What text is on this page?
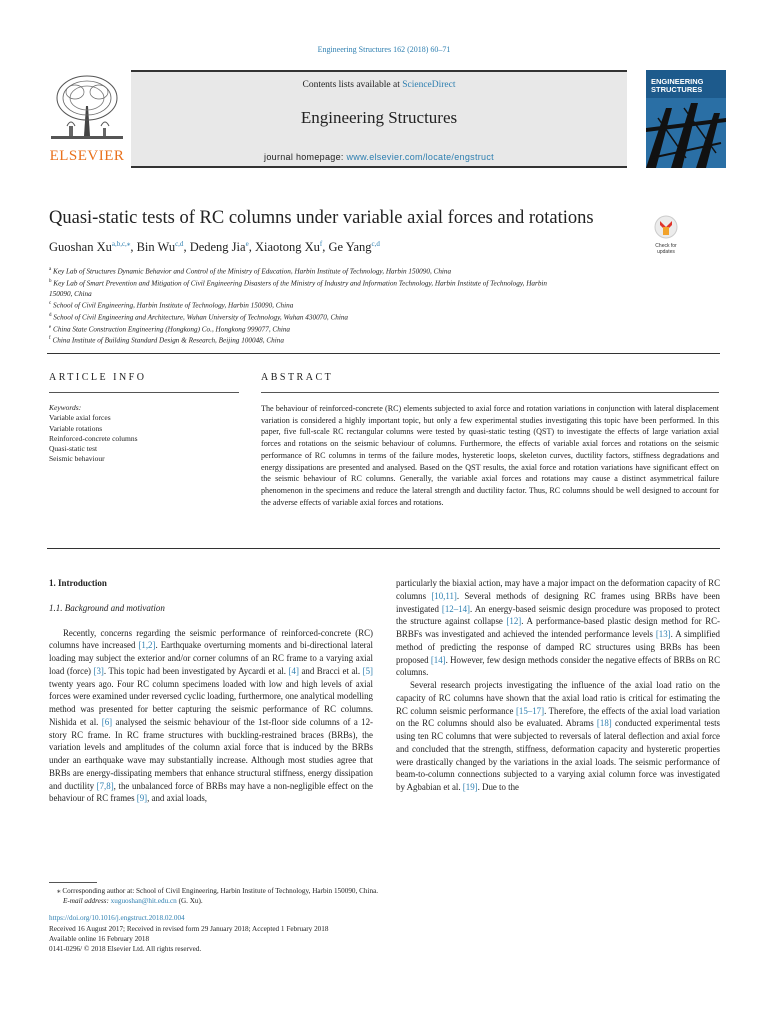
Engineering Structures 162 (2018) 60–71
ELSEVIER
Contents lists available at ScienceDirect
Engineering Structures
journal homepage: www.elsevier.com/locate/engstruct
ENGINEERING
STRUCTURES
Quasi-static tests of RC columns under variable axial forces and rotations
Check for
updates
Guoshan $Xu^{a,b,c,⁎}$, Bin Wu$^{c,d}$, Dedeng Jia$^e$, Xiaotong Xu$^f$, Ge Yang$^{c,d}$
$^a$ Key Lab of Structures Dynamic Behavior and Control of the Ministry of Education, Harbin Institute of Technology, Harbin 150090, China
$^b$ Key Lab of Smart Prevention and Mitigation of Civil Engineering Disasters of the Ministry of Industry and Information Technology, Harbin Institute of Technology, Harbin
150090, China
$^c$ School of Civil Engineering, Harbin Institute of Technology, Harbin 150090, China
$^d$ School of Civil Engineering and Architecture, Wuhan University of Technology, Wuhan 430070, China
$^e$ China State Construction Engineering (Hongkong) Co., Hongkong 999077, China
$^f$ China Institute of Building Standard Design & Research, Beijing 100048, China
ARTICLE INFO	ABSTRACT
Keywords:
Variable axial forces
Variable rotations
Reinforced-concrete columns
Quasi-static test
Seismic behaviour
The behaviour of reinforced-concrete (RC) elements subjected to axial force and rotation variations in conjunction with lateral displacement variation is considered a highly important topic, but only a few experimental studies investigating this topic have been performed. In this paper, five full-scale RC rectangular columns were tested by quasi-static testing (QST) to investigate the effects of large variation axial forces and rotations on the seismic behaviour of columns. Furthermore, the effects of variable axial forces and rotations on the seismic performance of RC columns in terms of the failure modes, hysteretic loops, skeleton curves, ductility factors, stiffness degradations and energy dissipations are presented and analysed. Based on the QST results, the axial force and rotation variations have significant effect on the seismic behaviour of RC columns. Generally, the variable axial forces and rotations may cause a distinct asymmetrical failure phenomenon in the specimens and reduce the lateral strength and ductility factor. Thus, RC columns should be well designed to account for the adverse effects of variable axial forces and rotations.

1. Introduction

1.1. Background and motivation

Recently, concerns regarding the seismic performance of reinforced-concrete (RC) columns have increased [1,2]. Earthquake overturning moments and bi-directional lateral loading may subject the exterior and/or corner columns of an RC frame to a varying axial load (force) [3]. This topic had been investigated by Aycardi et al. [4] and Bracci et al. [5] twenty years ago. Four RC column specimens loaded with low and high levels of axial forces were examined under reversed cyclic loading, furthermore, one analytical modelling method was presented for better capturing the seismic performance of RC columns. Nishida et al. [6] analysed the seismic behaviour of the 1st-floor side columns of a 12-story RC frame. In RC frame structures with buckling-restrained braces (BRBs), the variation levels and amplitudes of the column axial force that is induced by the BRBs under an earthquake wave may substantially increase. Although most studies agree that BRBs are energy-dissipating members that enhance structural stiffness, energy dissipation and ductility [7,8], the unbalanced force of BRBs may have a non-negligible effect on the behaviour of RC frames [9], and axial loads,

particularly the biaxial action, may have a major impact on the deformation capacity of RC columns [10,11]. Several methods of designing RC frames using BRBs have been investigated [12–14]. An energy-based seismic design procedure was proposed to protect the structure against collapse [12]. A performance-based plastic design method for RC-BRBFs was investigated and achieved the intended performance levels [13]. A simplified method of predicting the response of damped RC structures using BRBs has been proposed [14]. However, few design methods consider the negative effects of BRBs on RC columns.

Several research projects investigating the influence of the axial load ratio on the capacity of RC columns have shown that the axial load ratio is critical for estimating the RC column seismic performance [15–17]. Therefore, the effects of the axial load variation on the RC columns should also be evaluated. Abrams [18] conducted experimental tests using ten RC columns that were subjected to reversals of lateral deflection and axial force and concluded that the strength, stiffness, deformation capacity and hysteretic properties were drastically changed by the variations in the axial loads. The seismic performance of beam-to-column connections subjected to a varying axial column force was investigated by Agbabian et al. [19]. Due to the

⁎ Corresponding author at: School of Civil Engineering, Harbin Institute of Technology, Harbin 150090, China.
E-mail address: xuguoshan@hit.edu.cn (G. Xu).
https://doi.org/10.1016/j.engstruct.2018.02.004
Received 16 August 2017; Received in revised form 29 January 2018; Accepted 1 February 2018
Available online 16 February 2018
0141-0296/ © 2018 Elsevier Ltd. All rights reserved.
